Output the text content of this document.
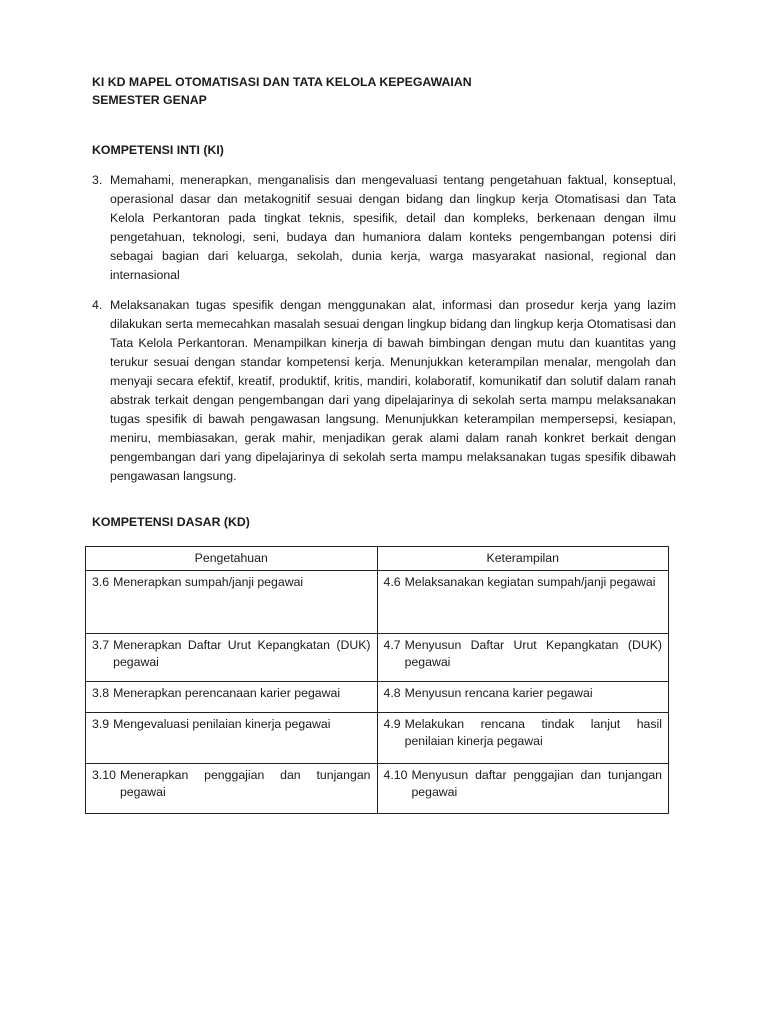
KI KD MAPEL OTOMATISASI DAN TATA KELOLA KEPEGAWAIAN
SEMESTER GENAP
KOMPETENSI INTI (KI)
3. Memahami, menerapkan, menganalisis dan mengevaluasi tentang pengetahuan faktual, konseptual, operasional dasar dan metakognitif sesuai dengan bidang dan lingkup kerja Otomatisasi dan Tata Kelola Perkantoran pada tingkat teknis, spesifik, detail dan kompleks, berkenaan dengan ilmu pengetahuan, teknologi, seni, budaya dan humaniora dalam konteks pengembangan potensi diri sebagai bagian dari keluarga, sekolah, dunia kerja, warga masyarakat nasional, regional dan internasional
4. Melaksanakan tugas spesifik dengan menggunakan alat, informasi dan prosedur kerja yang lazim dilakukan serta memecahkan masalah sesuai dengan lingkup bidang dan lingkup kerja Otomatisasi dan Tata Kelola Perkantoran. Menampilkan kinerja di bawah bimbingan dengan mutu dan kuantitas yang terukur sesuai dengan standar kompetensi kerja. Menunjukkan keterampilan menalar, mengolah dan menyaji secara efektif, kreatif, produktif, kritis, mandiri, kolaboratif, komunikatif dan solutif dalam ranah abstrak terkait dengan pengembangan dari yang dipelajarinya di sekolah serta mampu melaksanakan tugas spesifik di bawah pengawasan langsung. Menunjukkan keterampilan mempersepsi, kesiapan, meniru, membiasakan, gerak mahir, menjadikan gerak alami dalam ranah konkret berkait dengan pengembangan dari yang dipelajarinya di sekolah serta mampu melaksanakan tugas spesifik dibawah pengawasan langsung.
KOMPETENSI DASAR (KD)
Pengetahuan	Keterampilan

3.6 Menerapkan sumpah/janji pegawai	4.6 Melaksanakan kegiatan sumpah/janji pegawai

3.7 Menerapkan Daftar Urut Kepangkatan (DUK) pegawai	4.7 Menyusun Daftar Urut Kepangkatan (DUK) pegawai

3.8 Menerapkan perencanaan karier pegawai	4.8 Menyusun rencana karier pegawai

3.9 Mengevaluasi penilaian kinerja pegawai	4.9 Melakukan rencana tindak lanjut hasil penilaian kinerja pegawai

3.10 Menerapkan penggajian dan tunjangan pegawai	4.10 Menyusun daftar penggajian dan tunjangan pegawai
